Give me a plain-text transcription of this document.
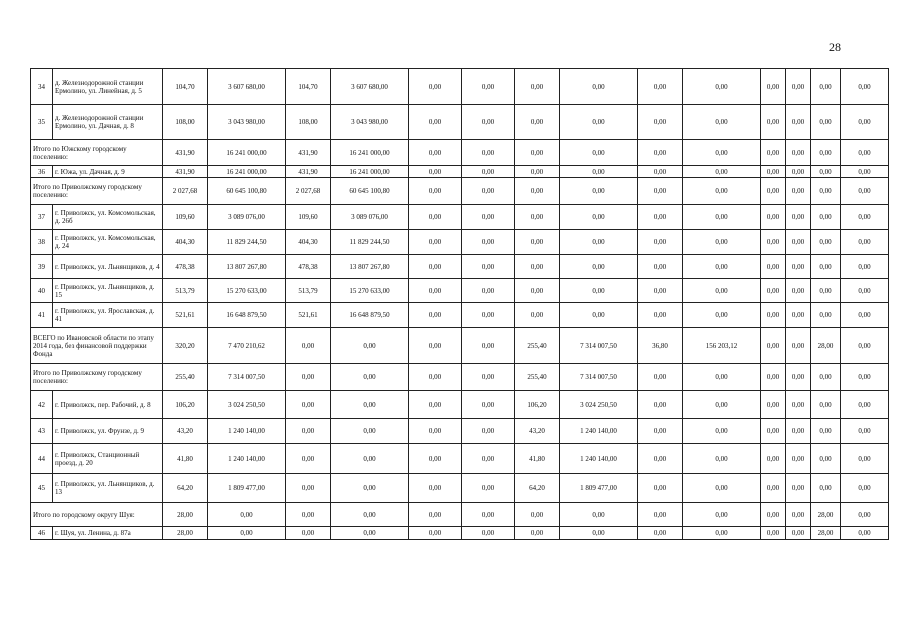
28
34	д. Железнодорожной станции Ермолино, ул. Линейная, д. 5	104,70	3 607 680,00	104,70	3 607 680,00	0,00	0,00	0,00	0,00	0,00	0,00	0,00	0,00	0,00	0,00
35	д. Железнодорожной станции Ермолино, ул. Дачная, д. 8	108,00	3 043 980,00	108,00	3 043 980,00	0,00	0,00	0,00	0,00	0,00	0,00	0,00	0,00	0,00	0,00
Итого по Южскому городскому поселению:		431,90	16 241 000,00	431,90	16 241 000,00	0,00	0,00	0,00	0,00	0,00	0,00	0,00	0,00	0,00	0,00
36	г. Южа, ул. Дачная, д. 9	431,90	16 241 000,00	431,90	16 241 000,00	0,00	0,00	0,00	0,00	0,00	0,00	0,00	0,00	0,00	0,00
Итого по Приволжскому городскому поселению:		2 027,68	60 645 100,80	2 027,68	60 645 100,80	0,00	0,00	0,00	0,00	0,00	0,00	0,00	0,00	0,00	0,00
37	г. Приволжск, ул. Комсомольская, д. 26б	109,60	3 089 076,00	109,60	3 089 076,00	0,00	0,00	0,00	0,00	0,00	0,00	0,00	0,00	0,00	0,00
38	г. Приволжск, ул. Комсомольская, д. 24	404,30	11 829 244,50	404,30	11 829 244,50	0,00	0,00	0,00	0,00	0,00	0,00	0,00	0,00	0,00	0,00
39	г. Приволжск, ул. Льнянщиков, д. 4	478,38	13 807 267,80	478,38	13 807 267,80	0,00	0,00	0,00	0,00	0,00	0,00	0,00	0,00	0,00	0,00
40	г. Приволжск, ул. Льнянщиков, д. 15	513,79	15 270 633,00	513,79	15 270 633,00	0,00	0,00	0,00	0,00	0,00	0,00	0,00	0,00	0,00	0,00
41	г. Приволжск, ул. Ярославская, д. 41	521,61	16 648 879,50	521,61	16 648 879,50	0,00	0,00	0,00	0,00	0,00	0,00	0,00	0,00	0,00	0,00
ВСЕГО по Ивановской области по этапу 2014 года, без финансовой поддержки Фонда		320,20	7 470 210,62	0,00	0,00	0,00	0,00	255,40	7 314 007,50	36,80	156 203,12	0,00	0,00	28,00	0,00
Итого по Приволжскому городскому поселению:		255,40	7 314 007,50	0,00	0,00	0,00	0,00	255,40	7 314 007,50	0,00	0,00	0,00	0,00	0,00	0,00
42	г. Приволжск, пер. Рабочий, д. 8	106,20	3 024 250,50	0,00	0,00	0,00	0,00	106,20	3 024 250,50	0,00	0,00	0,00	0,00	0,00	0,00
43	г. Приволжск, ул. Фрунзе, д. 9	43,20	1 240 140,00	0,00	0,00	0,00	0,00	43,20	1 240 140,00	0,00	0,00	0,00	0,00	0,00	0,00
44	г. Приволжск, Станционный проезд, д. 20	41,80	1 240 140,00	0,00	0,00	0,00	0,00	41,80	1 240 140,00	0,00	0,00	0,00	0,00	0,00	0,00
45	г. Приволжск, ул. Льнянщиков, д. 13	64,20	1 809 477,00	0,00	0,00	0,00	0,00	64,20	1 809 477,00	0,00	0,00	0,00	0,00	0,00	0,00
Итого по городскому округу Шуя:		28,00	0,00	0,00	0,00	0,00	0,00	0,00	0,00	0,00	0,00	0,00	0,00	28,00	0,00
46	г. Шуя, ул. Ленина, д. 87а	28,00	0,00	0,00	0,00	0,00	0,00	0,00	0,00	0,00	0,00	0,00	0,00	28,00	0,00
